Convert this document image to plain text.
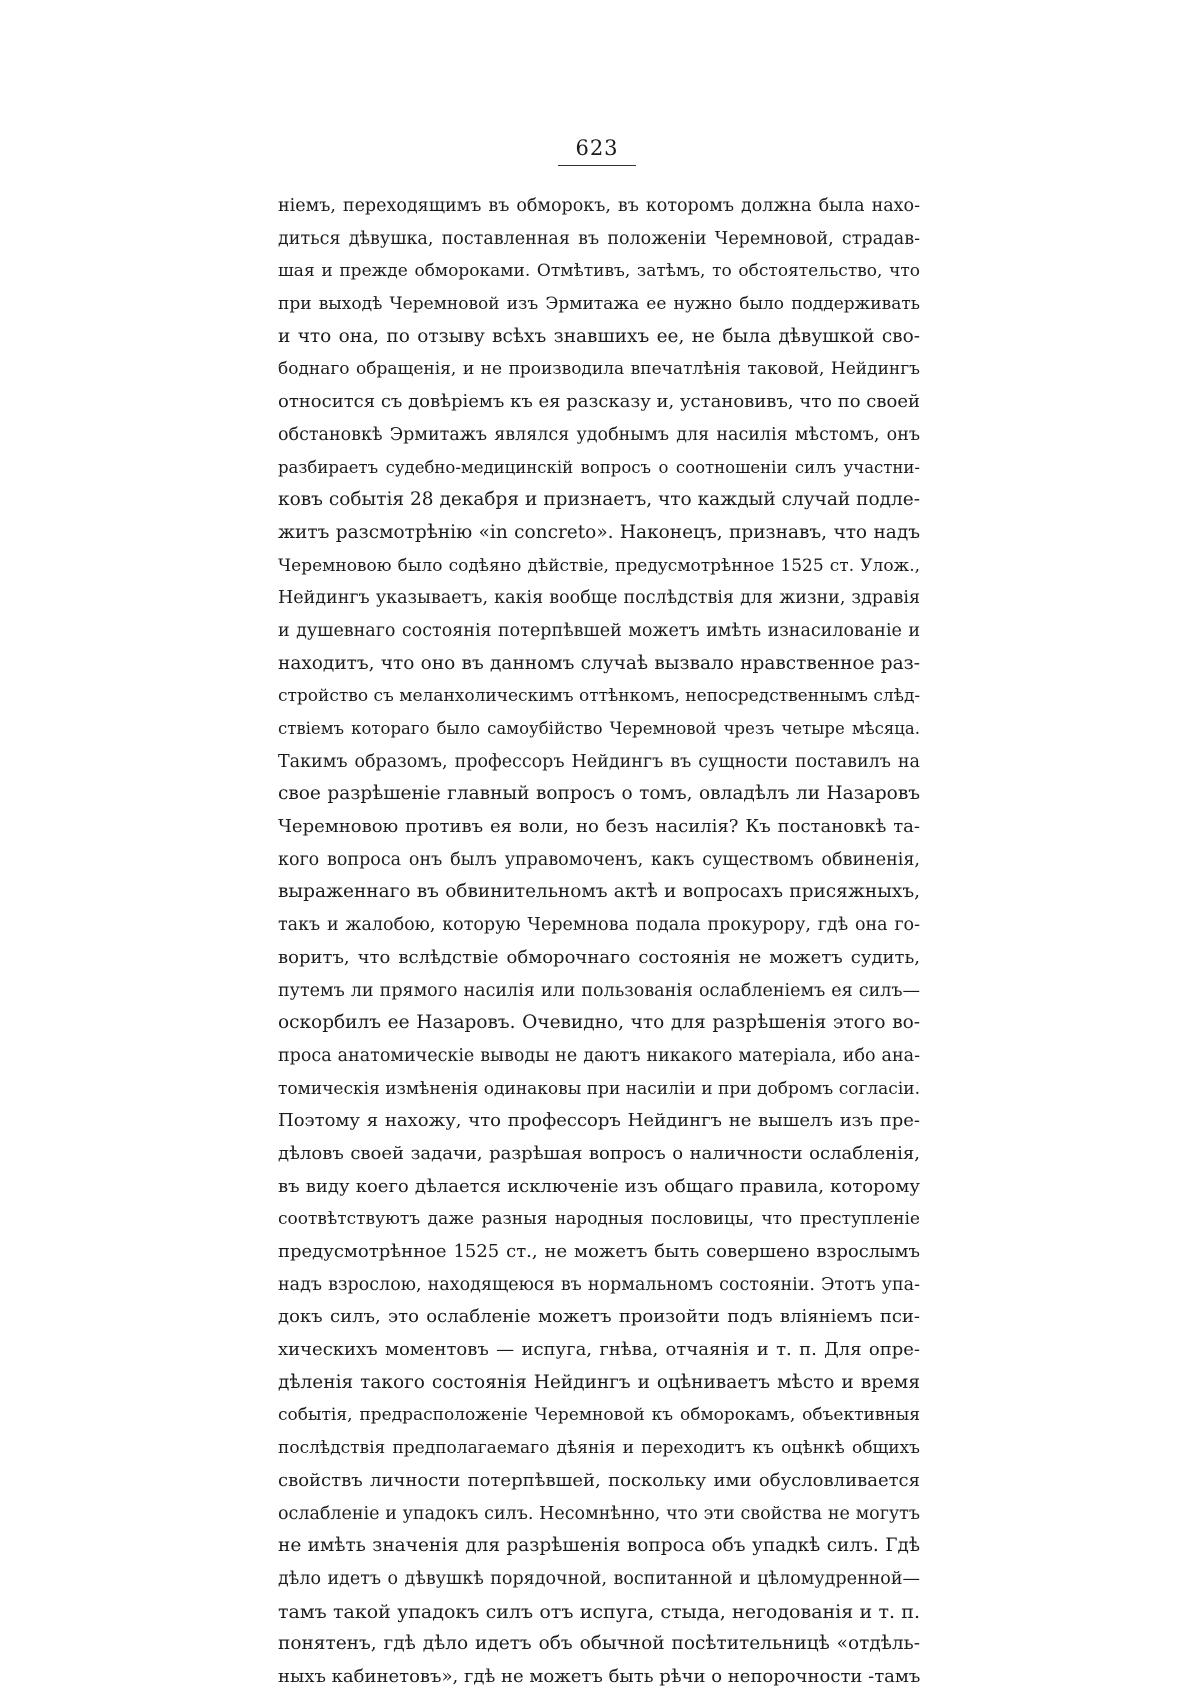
623
ніемъ, переходящимъ въ обморокъ, въ которомъ должна была нахо-
диться дѣвушка, поставленная въ положеніи Черемновой, страдав-
шая и прежде обмороками. Отмѣтивъ, затѣмъ, то обстоятельство, что
при выходѣ Черемновой изъ Эрмитажа ее нужно было поддерживать
и что она, по отзыву всѣхъ знавшихъ ее, не была дѣвушкой сво-
боднаго обращенія, и не производила впечатлѣнія таковой, Нейдингъ
относится съ довѣріемъ къ ея разсказу и, установивъ, что по своей
обстановкѣ Эрмитажъ являлся удобнымъ для насилія мѣстомъ, онъ
разбираетъ судебно-медицинскій вопросъ о соотношеніи силъ участни-
ковъ событія 28 декабря и признаетъ, что каждый случай подле-
житъ разсмотрѣнію «in concreto». Наконецъ, признавъ, что надъ
Черемновою было содѣяно дѣйствіе, предусмотрѣнное 1525 ст. Улож.,
Нейдингъ указываетъ, какія вообще послѣдствія для жизни, здравія
и душевнаго состоянія потерпѣвшей можетъ имѣть изнасилованіе и
находитъ, что оно въ данномъ случаѣ вызвало нравственное раз-
стройство съ меланхолическимъ оттѣнкомъ, непосредственнымъ слѣд-
ствіемъ котораго было самоубійство Черемновой чрезъ четыре мѣсяца.
Такимъ образомъ, профессоръ Нейдингъ въ сущности поставилъ на
свое разрѣшеніе главный вопросъ о томъ, овладѣлъ ли Назаровъ
Черемновою противъ ея воли, но безъ насилія? Къ постановкѣ та-
кого вопроса онъ былъ управомоченъ, какъ существомъ обвиненія,
выраженнаго въ обвинительномъ актѣ и вопросахъ присяжныхъ,
такъ и жалобою, которую Черемнова подала прокурору, гдѣ она го-
воритъ, что вслѣдствіе обморочнаго состоянія не можетъ судить,
путемъ ли прямого насилія или пользованія ослабленіемъ ея силъ—
оскорбилъ ее Назаровъ. Очевидно, что для разрѣшенія этого во-
проса анатомическіе выводы не даютъ никакого матеріала, ибо ана-
томическія измѣненія одинаковы при насиліи и при добромъ согласіи.
Поэтому я нахожу, что профессоръ Нейдингъ не вышелъ изъ пре-
дѣловъ своей задачи, разрѣшая вопросъ о наличности ослабленія,
въ виду коего дѣлается исключеніе изъ общаго правила, которому
соотвѣтствуютъ даже разныя народныя пословицы, что преступленіе
предусмотрѣнное 1525 ст., не можетъ быть совершено взрослымъ
надъ взрослою, находящеюся въ нормальномъ состояніи. Этотъ упа-
докъ силъ, это ослабленіе можетъ произойти подъ вліяніемъ пси-
хическихъ моментовъ — испуга, гнѣва, отчаянія и т. п. Для опре-
дѣленія такого состоянія Нейдингъ и оцѣниваетъ мѣсто и время
событія, предрасположеніе Черемновой къ обморокамъ, объективныя
послѣдствія предполагаемаго дѣянія и переходитъ къ оцѣнкѣ общихъ
свойствъ личности потерпѣвшей, поскольку ими обусловливается
ослабленіе и упадокъ силъ. Несомнѣнно, что эти свойства не могутъ
не имѣть значенія для разрѣшенія вопроса объ упадкѣ силъ. Гдѣ
дѣло идетъ о дѣвушкѣ порядочной, воспитанной и цѣломудренной—
тамъ такой упадокъ силъ отъ испуга, стыда, негодованія и т. п.
понятенъ, гдѣ дѣло идетъ объ обычной посѣтительницѣ «отдѣль-
ныхъ кабинетовъ», гдѣ не можетъ быть рѣчи о непорочности -тамъ
